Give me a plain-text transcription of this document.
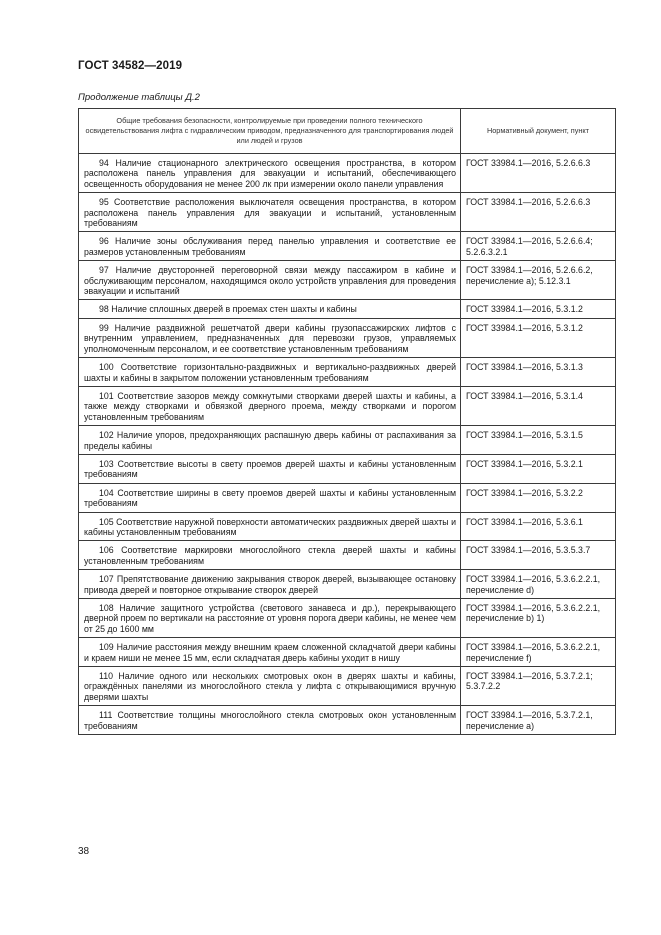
ГОСТ 34582—2019
Продолжение таблицы Д.2
Общие требования безопасности, контролируемые при проведении полного технического освидетельствования лифта с гидравлическим приводом, предназначенного для транспортирования людей или людей и грузов	Нормативный документ, пункт
94 Наличие стационарного электрического освещения пространства, в котором расположена панель управления для эвакуации и испытаний, обеспечивающего освещенность оборудования не менее 200 лк при измерении около панели управления	ГОСТ 33984.1—2016, 5.2.6.6.3
95 Соответствие расположения выключателя освещения пространства, в котором расположена панель управления для эвакуации и испытаний, установленным требованиям	ГОСТ 33984.1—2016, 5.2.6.6.3
96 Наличие зоны обслуживания перед панелью управления и соответствие ее размеров установленным требованиям	ГОСТ 33984.1—2016, 5.2.6.6.4; 5.2.6.3.2.1
97 Наличие двусторонней переговорной связи между пассажиром в кабине и обслуживающим персоналом, находящимся около устройств управления для проведения эвакуации и испытаний	ГОСТ 33984.1—2016, 5.2.6.6.2, перечисление a); 5.12.3.1
98 Наличие сплошных дверей в проемах стен шахты и кабины	ГОСТ 33984.1—2016, 5.3.1.2
99 Наличие раздвижной решетчатой двери кабины грузопассажирских лифтов с внутренним управлением, предназначенных для перевозки грузов, управляемых уполномоченным персоналом, и ее соответствие установленным требованиям	ГОСТ 33984.1—2016, 5.3.1.2
100 Соответствие горизонтально-раздвижных и вертикально-раздвижных дверей шахты и кабины в закрытом положении установленным требованиям	ГОСТ 33984.1—2016, 5.3.1.3
101 Соответствие зазоров между сомкнутыми створками дверей шахты и кабины, а также между створками и обвязкой дверного проема, между створками и порогом установленным требованиям	ГОСТ 33984.1—2016, 5.3.1.4
102 Наличие упоров, предохраняющих распашную дверь кабины от распахивания за пределы кабины	ГОСТ 33984.1—2016, 5.3.1.5
103 Соответствие высоты в свету проемов дверей шахты и кабины установленным требованиям	ГОСТ 33984.1—2016, 5.3.2.1
104 Соответствие ширины в свету проемов дверей шахты и кабины установленным требованиям	ГОСТ 33984.1—2016, 5.3.2.2
105 Соответствие наружной поверхности автоматических раздвижных дверей шахты и кабины установленным требованиям	ГОСТ 33984.1—2016, 5.3.6.1
106 Соответствие маркировки многослойного стекла дверей шахты и кабины установленным требованиям	ГОСТ 33984.1—2016, 5.3.5.3.7
107 Препятствование движению закрывания створок дверей, вызывающее остановку привода дверей и повторное открывание створок дверей	ГОСТ 33984.1—2016, 5.3.6.2.2.1, перечисление d)
108 Наличие защитного устройства (светового занавеса и др.), перекрывающего дверной проем по вертикали на расстояние от уровня порога двери кабины, не менее чем от 25 до 1600 мм	ГОСТ 33984.1—2016, 5.3.6.2.2.1, перечисление b) 1)
109 Наличие расстояния между внешним краем сложенной складчатой двери кабины и краем ниши не менее 15 мм, если складчатая дверь кабины уходит в нишу	ГОСТ 33984.1—2016, 5.3.6.2.2.1, перечисление f)
110 Наличие одного или нескольких смотровых окон в дверях шахты и кабины, ограждённых панелями из многослойного стекла у лифта с открывающимися вручную дверями шахты	ГОСТ 33984.1—2016, 5.3.7.2.1; 5.3.7.2.2
111 Соответствие толщины многослойного стекла смотровых окон установленным требованиям	ГОСТ 33984.1—2016, 5.3.7.2.1, перечисление a)
38
